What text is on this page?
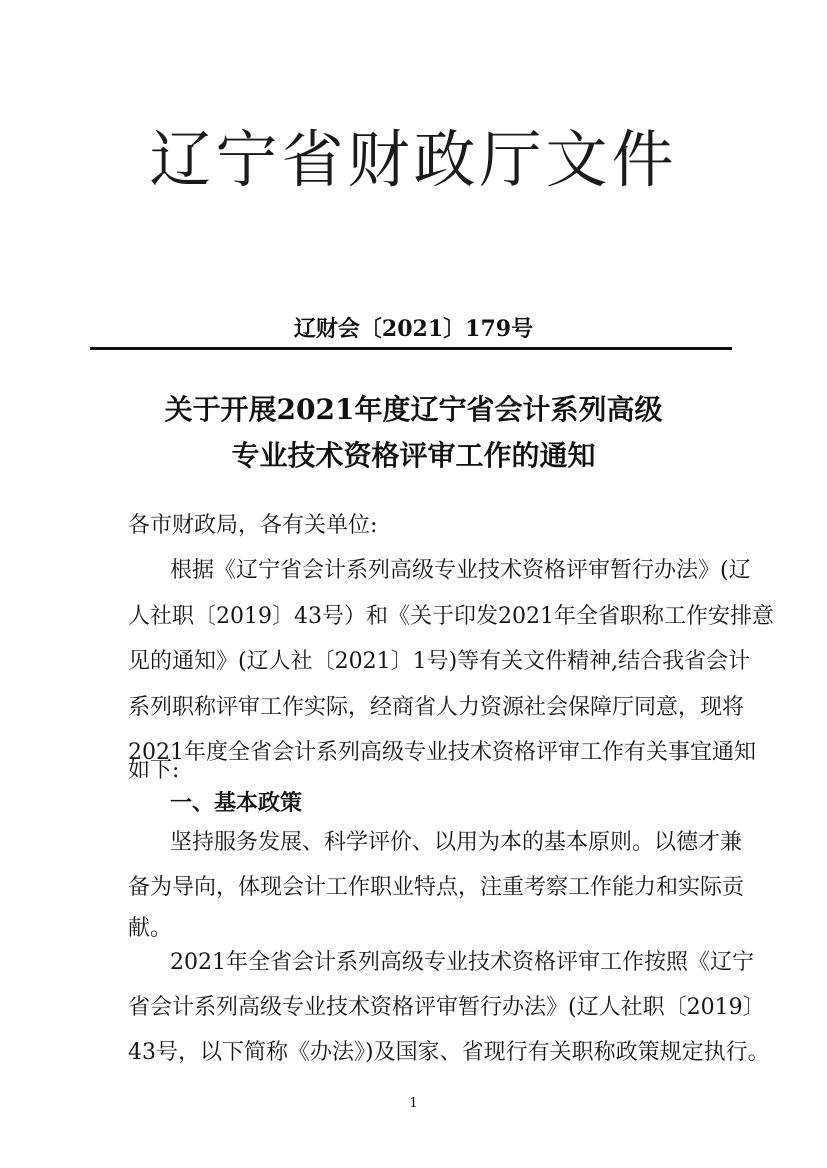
辽宁省财政厅文件
辽财会〔2021〕179号
关于开展2021年度辽宁省会计系列高级
专业技术资格评审工作的通知
各市财政局，各有关单位:
根据《辽宁省会计系列高级专业技术资格评审暂行办法》(辽
人社职〔2019〕43号）和《关于印发2021年全省职称工作安排意
见的通知》(辽人社〔2021〕1号)等有关文件精神,结合我省会计
系列职称评审工作实际，经商省人力资源社会保障厅同意，现将
2021年度全省会计系列高级专业技术资格评审工作有关事宜通知
如下:
一、基本政策
坚持服务发展、科学评价、以用为本的基本原则。以德才兼
备为导向，体现会计工作职业特点，注重考察工作能力和实际贡
献。
2021年全省会计系列高级专业技术资格评审工作按照《辽宁
省会计系列高级专业技术资格评审暂行办法》(辽人社职〔2019〕
1
43号，以下简称《办法》)及国家、省现行有关职称政策规定执行。
